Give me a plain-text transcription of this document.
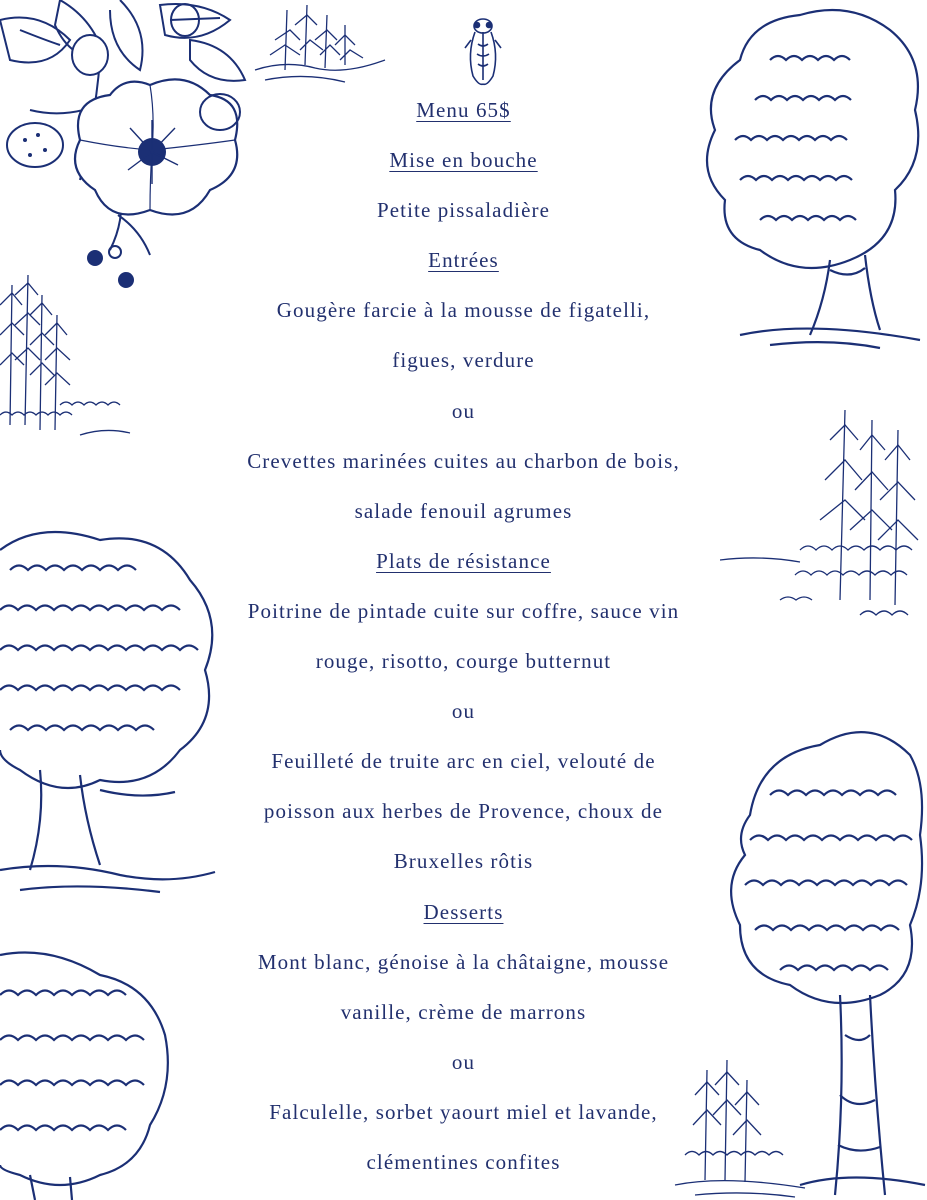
Menu 65$
Mise en bouche
Petite pissaladière
Entrées
Gougère farcie à la mousse de figatelli,
figues, verdure
ou
Crevettes marinées cuites au charbon de bois,
salade fenouil agrumes
Plats de résistance
Poitrine de pintade cuite sur coffre, sauce vin
rouge, risotto, courge butternut
ou
Feuilleté de truite arc en ciel, velouté de
poisson aux herbes de Provence, choux de
Bruxelles rôtis
Desserts
Mont blanc, génoise à la châtaigne, mousse
vanille, crème de marrons
ou
Falculelle, sorbet yaourt miel et lavande,
clémentines confites
